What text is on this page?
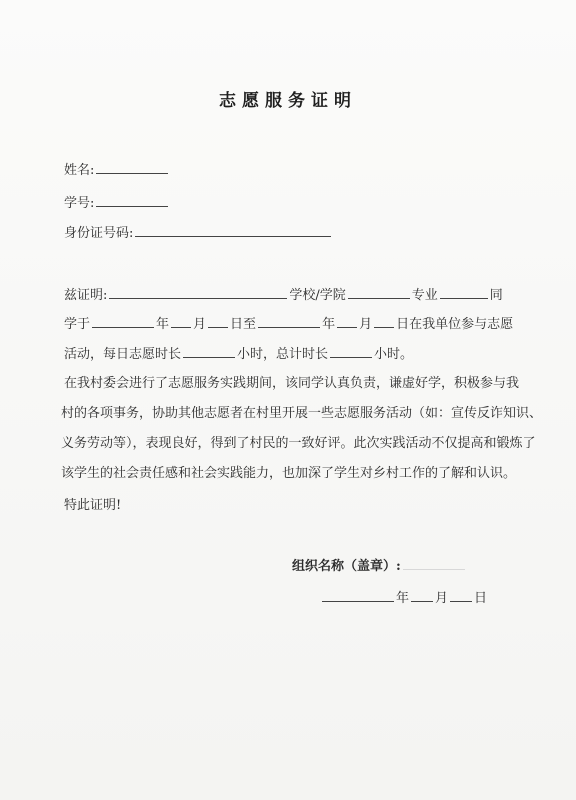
志愿服务证明
姓名:
学号:
身份证号码:
兹证明:	学校/学院	专业	同
学于	年 月 日至	年 月 日在我单位参与志愿
活动，每日志愿时长	小时，总计时长	小时。
在我村委会进行了志愿服务实践期间，该同学认真负责，谦虚好学，积极参与我
村的各项事务，协助其他志愿者在村里开展一些志愿服务活动（如：宣传反诈知识、
义务劳动等），表现良好，得到了村民的一致好评。此次实践活动不仅提高和锻炼了
该学生的社会责任感和社会实践能力，也加深了学生对乡村工作的了解和认识。
特此证明!
组织名称（盖章）:
年 月 日
